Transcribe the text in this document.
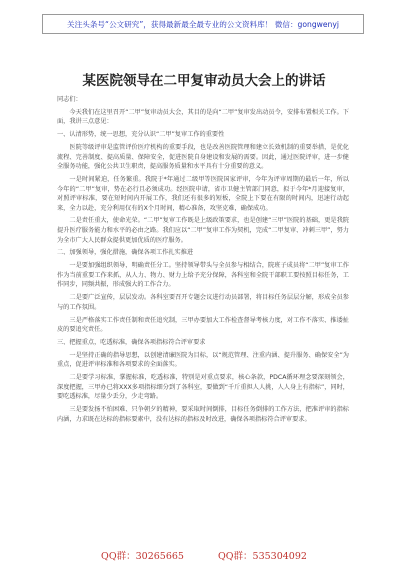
关注头条号“公文研究”，获得最新最全最专业的公文资料库！ 微信：gongwenyj
某医院领导在二甲复审动员大会上的讲话

同志们：

今天我们在这里召开“二甲”复审动员大会，其目的是向“二甲”复审发出动员令，安排布置相关工作。下面，我讲三点意见：

一、认清形势，统一思想，充分认识“二甲”复审工作的重要性

医院等级评审是监管评价医疗机构的重要手段，也是改善医院管理和建立长效机制的重要举措，是优化流程、完善制度、提高质量、保障安全，促进医院自身建设和发展的需要。因此，通过医院评审，进一步健全服务功能，强化公共卫生职责，提高服务质量和水平具有十分重要的意义。

一是时间紧迫，任务繁重。我院于*年通过二级甲等医院国家评审，今年为评审周期的最后一年，所以今年的“二甲”复审，势在必行且必须成功。经医院申请，省市卫健主管部门同意，拟于今年*月迎接复审，对照评审标准，要在短时间内开展工作，我们还有很多的短板，全院上下要在有限的时间内，迅速行动起来，全力以赴，充分利用仅有的X个月时间，精心准备，攻坚克难，确保成功。

二是责任重大，使命光荣。“二甲”复审工作既是上级政策要求，也是创建“三甲”医院的基础，更是我院提升医疗服务能力和水平的必由之路。我们应以“二甲”复审工作为契机，完成“二甲复审、冲刺三甲”，努力为全市广大人民群众提供更加优质的医疗服务。

二、加强领导，强化措施，确保各项工作扎实推进

一是要加强组织领导，明确责任分工。坚持领导带头与全员参与相结合，院班子成员将“二甲”复审工作作为当前重要工作来抓，从人力、物力、财力上给予充分保障，各科室和全院干部职工要按照目标任务，工作同步，同频共振，形成强大的工作合力。

二是要广泛宣传，层层发动。各科室要召开专题会议进行动员部署，将目标任务层层分解，形成全员参与的工作氛围。

三是严格落实工作责任制和责任追究制，三甲办要加大工作检查督导考核力度，对工作不落实、推诿扯皮的要追究责任。

三、把握重点，吃透标准，确保各项指标符合评审要求

一是坚持正确的指导思想，以创建清廉医院为目标，以“规范管理、注重内涵、提升服务、确保安全”为重点，促进评审标准和各项要求的全面落实。

二是要学习标准，掌握标准，吃透标准，特别是对重点要求，核心条款，PDCA循环理念要深刻领会，深度把握，三甲办已将XXX多项指标细分到了各科室，要做到“千斤重担人人挑，人人身上有指标”，同时，要吃透标准，尽量少丢分，少走弯路。

三是要发扬不怕困难、只争朝夕的精神，要采取时间倒排，目标任务倒排的工作方法，把准评审的指标内涵，力求既在达标的指标要素中，没有达标的指标及时改进，确保各项指标符合评审要求。

QQ群：30265665	QQ群：535304092
